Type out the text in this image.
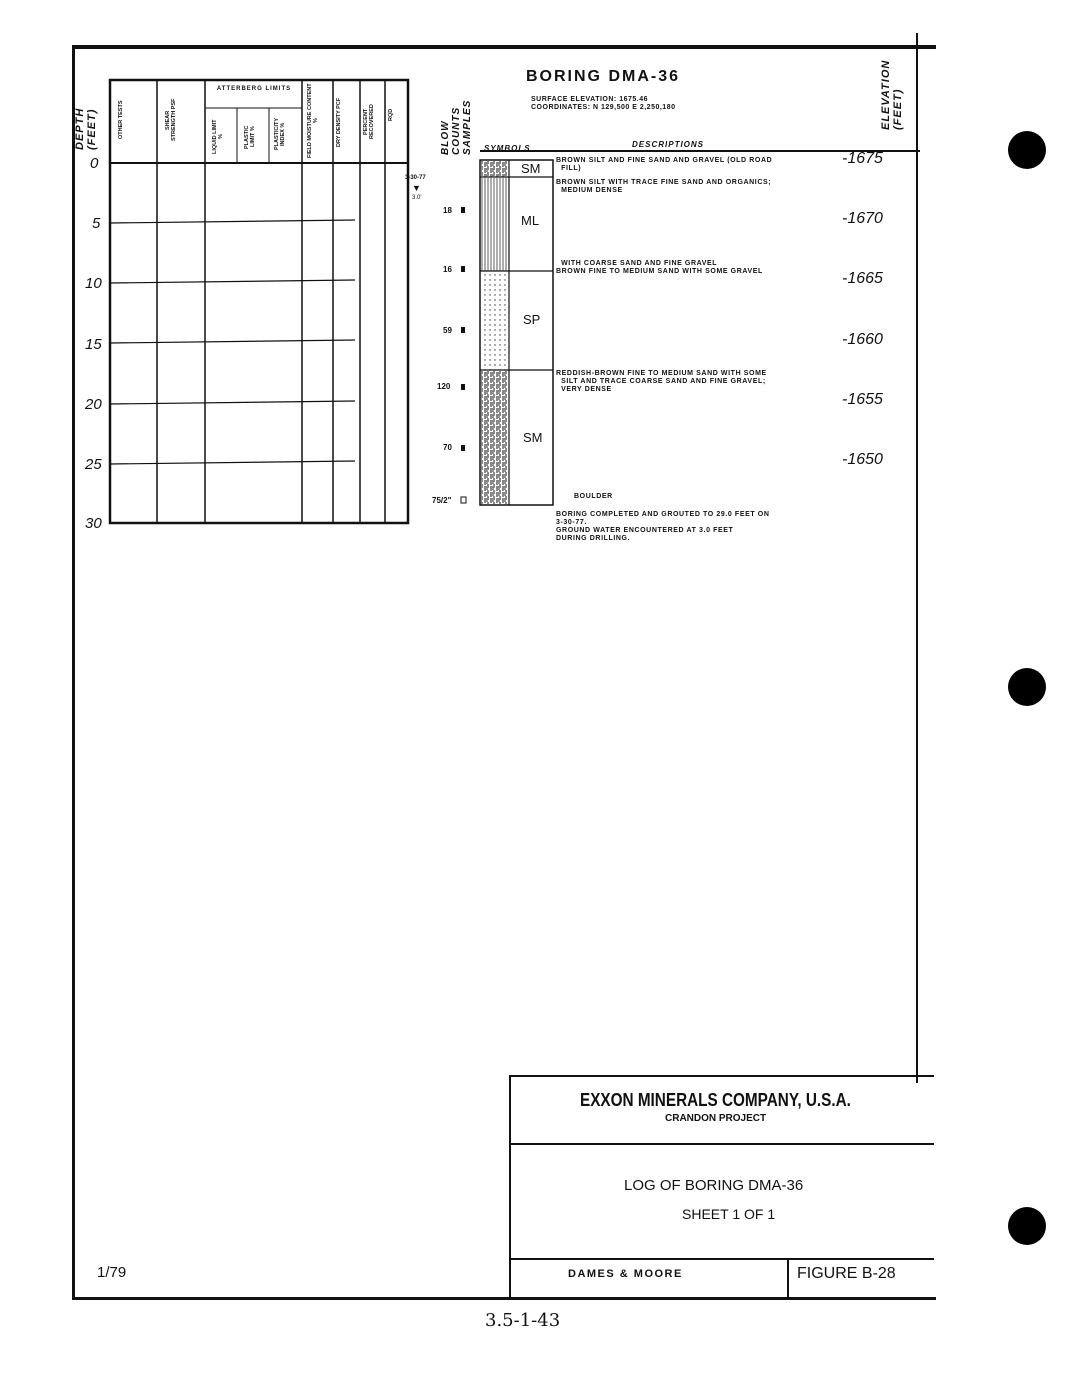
DEPTH (FEET)
ATTERBERG LIMITS
OTHER TESTS	SHEAR STRENGTH PSF	LIQUID LIMIT %	PLASTIC LIMIT %	PLASTICITY INDEX %	FIELD MOISTURE CONTENT %	DRY DENSITY PCF	PERCENT RECOVERED RQD
0
5
10
15
20
25
30
3-30-77
▼
3.0'
BLOW COUNTS SAMPLES
18
16
59
120
70
75/2"
SYMBOLS	DESCRIPTIONS
SM
ML
SP
SM
BROWN SILT AND FINE SAND AND GRAVEL (OLD ROAD
FILL)
BROWN SILT WITH TRACE FINE SAND AND ORGANICS;
MEDIUM DENSE
WITH COARSE SAND AND FINE GRAVEL
BROWN FINE TO MEDIUM SAND WITH SOME GRAVEL
REDDISH-BROWN FINE TO MEDIUM SAND WITH SOME
SILT AND TRACE COARSE SAND AND FINE GRAVEL;
VERY DENSE
BOULDER
BORING COMPLETED AND GROUTED TO 29.0 FEET ON
3-30-77.
GROUND WATER ENCOUNTERED AT 3.0 FEET
DURING DRILLING.
ELEVATION (FEET)
-1675
-1670
-1665
-1660
-1655
-1650
BORING DMA-36
SURFACE ELEVATION: 1675.46
COORDINATES: N 129,500 E 2,250,180
EXXON MINERALS COMPANY, U.S.A.
CRANDON PROJECT
LOG OF BORING DMA-36
SHEET 1 OF 1
DAMES & MOORE	FIGURE B-28
1/79
3.5-1-43
